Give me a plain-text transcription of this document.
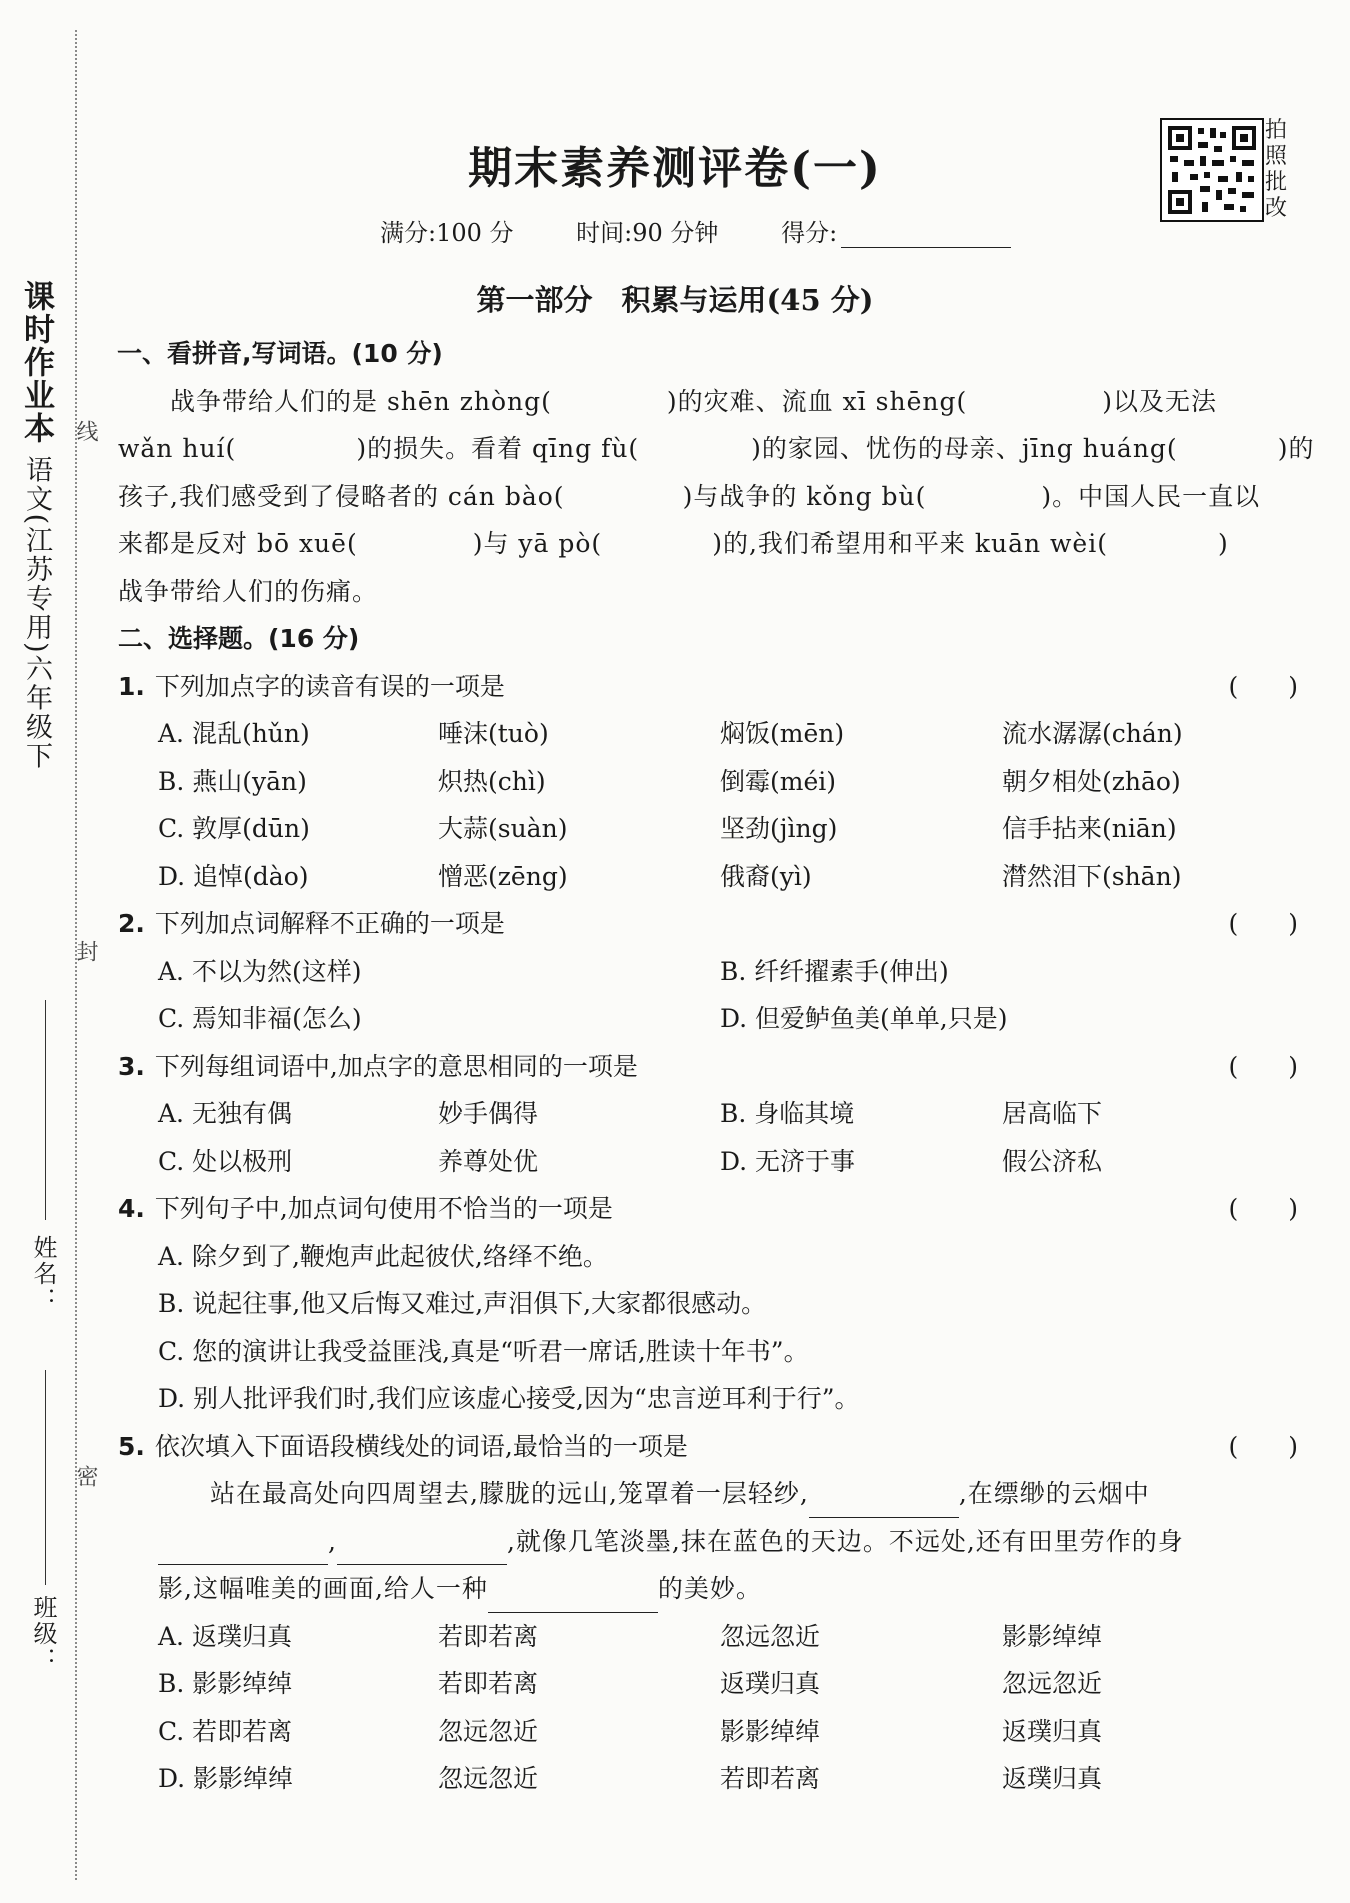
课时作业本 语文(江苏专用)六年级下
线
封
密
姓名：
班级：
拍照批改
期末素养测评卷(一)
满分:100 分	时间:90 分钟	得分:
第一部分　积累与运用(45 分)
一、看拼音,写词语。(10 分)
　　战争带给人们的是 shēn zhòng(	)的灾难、流血 xī shēng(	)以及无法
wǎn huí(	)的损失。看着 qīng fù(	)的家园、忧伤的母亲、jīng huáng(	)的
孩子,我们感受到了侵略者的 cán bào(	)与战争的 kǒng bù(	)。中国人民一直以
来都是反对 bō xuē(	)与 yā pò(	)的,我们希望用和平来 kuān wèi(	)
战争带给人们的伤痛。
二、选择题。(16 分)
1. 下列加点字的读音有误的一项是	(　　)
A. 混乱(hǔn)	唾沫(tuò)	焖饭(mēn)	流水潺潺(chán)
B. 燕山(yān)	炽热(chì)	倒霉(méi)	朝夕相处(zhāo)
C. 敦厚(dūn)	大蒜(suàn)	坚劲(jìng)	信手拈来(niān)
D. 追悼(dào)	憎恶(zēng)	俄裔(yì)	潸然泪下(shān)
2. 下列加点词解释不正确的一项是	(　　)
A. 不以为然(这样)	B. 纤纤擢素手(伸出)
C. 焉知非福(怎么)	D. 但爱鲈鱼美(单单,只是)
3. 下列每组词语中,加点字的意思相同的一项是	(　　)
A. 无独有偶	妙手偶得	B. 身临其境	居高临下
C. 处以极刑	养尊处优	D. 无济于事	假公济私
4. 下列句子中,加点词句使用不恰当的一项是	(　　)
A. 除夕到了,鞭炮声此起彼伏,络绎不绝。
B. 说起往事,他又后悔又难过,声泪俱下,大家都很感动。
C. 您的演讲让我受益匪浅,真是“听君一席话,胜读十年书”。
D. 别人批评我们时,我们应该虚心接受,因为“忠言逆耳利于行”。
5. 依次填入下面语段横线处的词语,最恰当的一项是	(　　)
　　站在最高处向四周望去,朦胧的远山,笼罩着一层轻纱,	,在缥缈的云烟中
,	,就像几笔淡墨,抹在蓝色的天边。不远处,还有田里劳作的身
影,这幅唯美的画面,给人一种	的美妙。
A. 返璞归真	若即若离	忽远忽近	影影绰绰
B. 影影绰绰	若即若离	返璞归真	忽远忽近
C. 若即若离	忽远忽近	影影绰绰	返璞归真
D. 影影绰绰	忽远忽近	若即若离	返璞归真
